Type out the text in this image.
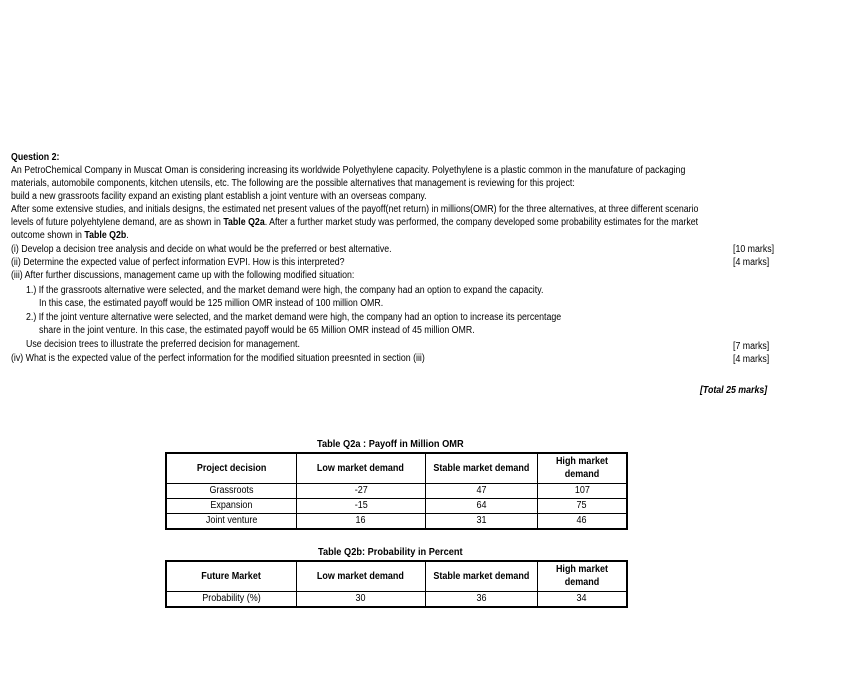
Question 2:
An PetroChemical Company in Muscat Oman is considering increasing its worldwide Polyethylene capacity. Polyethylene is a plastic common in the manufature of packaging
materials, automobile components, kitchen utensils, etc. The following are the possible alternatives that management is reviewing for this project:
build a new grassroots facility expand an existing plant establish a joint venture with an overseas company.
After some extensive studies, and initials designs, the estimated net present values of the payoff(net return) in millions(OMR) for the three alternatives, at three different scenario
levels of future polyehtylene demand, are as shown in Table Q2a. After a further market study was performed, the company developed some probability estimates for the market
outcome shown in Table Q2b.
(i) Develop a decision tree analysis and decide on what would be the preferred or best alternative.	[10 marks]
(ii) Determine the expected value of perfect information EVPI. How is this interpreted?	[4 marks]
(iii) After further discussions, management came up with the following modified situation:
1.) If the grassroots alternative were selected, and the market demand were high, the company had an option to expand the capacity.
In this case, the estimated payoff would be 125 million OMR instead of 100 million OMR.
2.) If the joint venture alternative were selected, and the market demand were high, the company had an option to increase its percentage
share in the joint venture. In this case, the estimated payoff would be 65 Million OMR instead of 45 million OMR.
Use decision trees to illustrate the preferred decision for management.	[7 marks]
(iv) What is the expected value of the perfect information for the modified situation preesnted in section (iii)	[4 marks]
[Total 25 marks]
Table Q2a : Payoff in Million OMR
Project decision	Low market demand	Stable market demand	High market demand
Grassroots	-27	47	107
Expansion	-15	64	75
Joint venture	16	31	46
Table Q2b: Probability in Percent
Future Market	Low market demand	Stable market demand	High market demand
Probability (%)	30	36	34
